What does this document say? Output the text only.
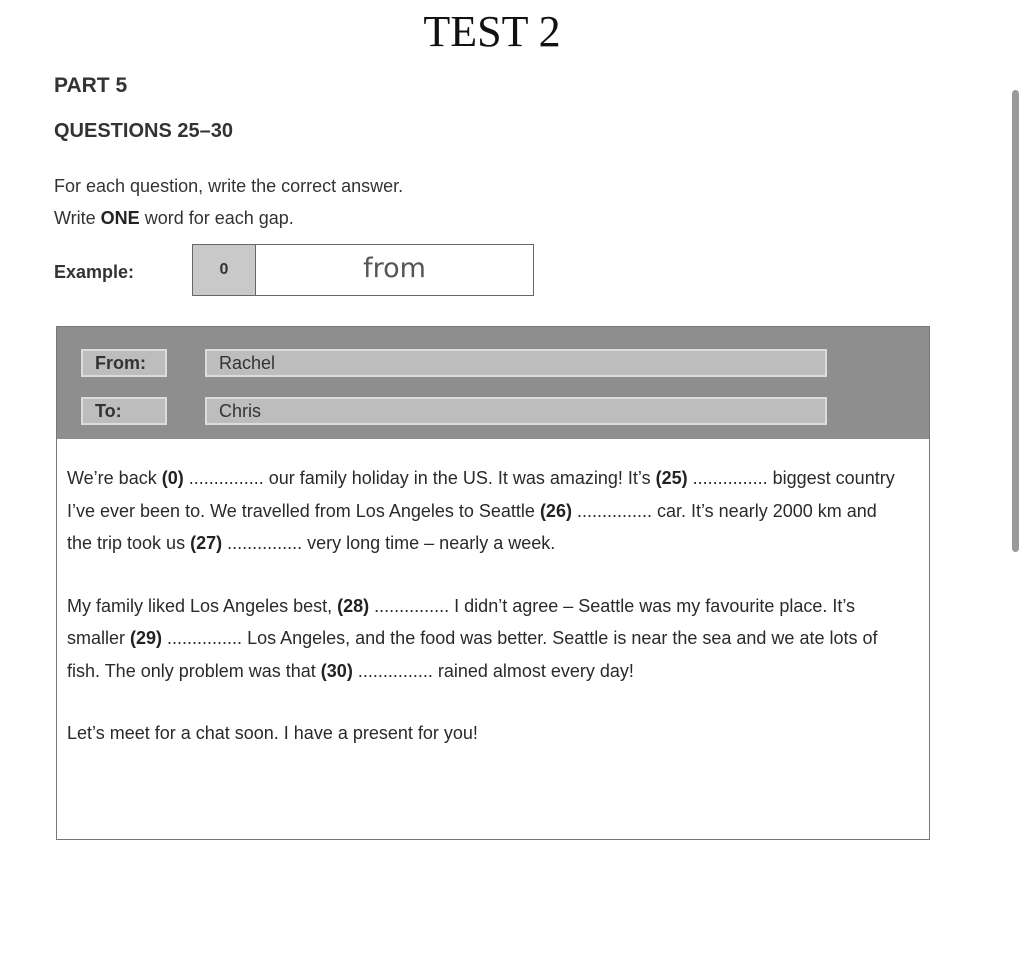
TEST 2
PART 5
QUESTIONS 25–30
For each question, write the correct answer.
Write ONE word for each gap.
Example:	0	from
From:	Rachel
To:	Chris

We’re back (0) ............... our family holiday in the US. It was amazing! It’s (25) ............... biggest country I’ve ever been to. We travelled from Los Angeles to Seattle (26) ............... car. It’s nearly 2000 km and the trip took us (27) ............... very long time – nearly a week.

My family liked Los Angeles best, (28) ............... I didn’t agree – Seattle was my favourite place. It’s smaller (29) ............... Los Angeles, and the food was better. Seattle is near the sea and we ate lots of fish. The only problem was that (30) ............... rained almost every day!

Let’s meet for a chat soon. I have a present for you!
